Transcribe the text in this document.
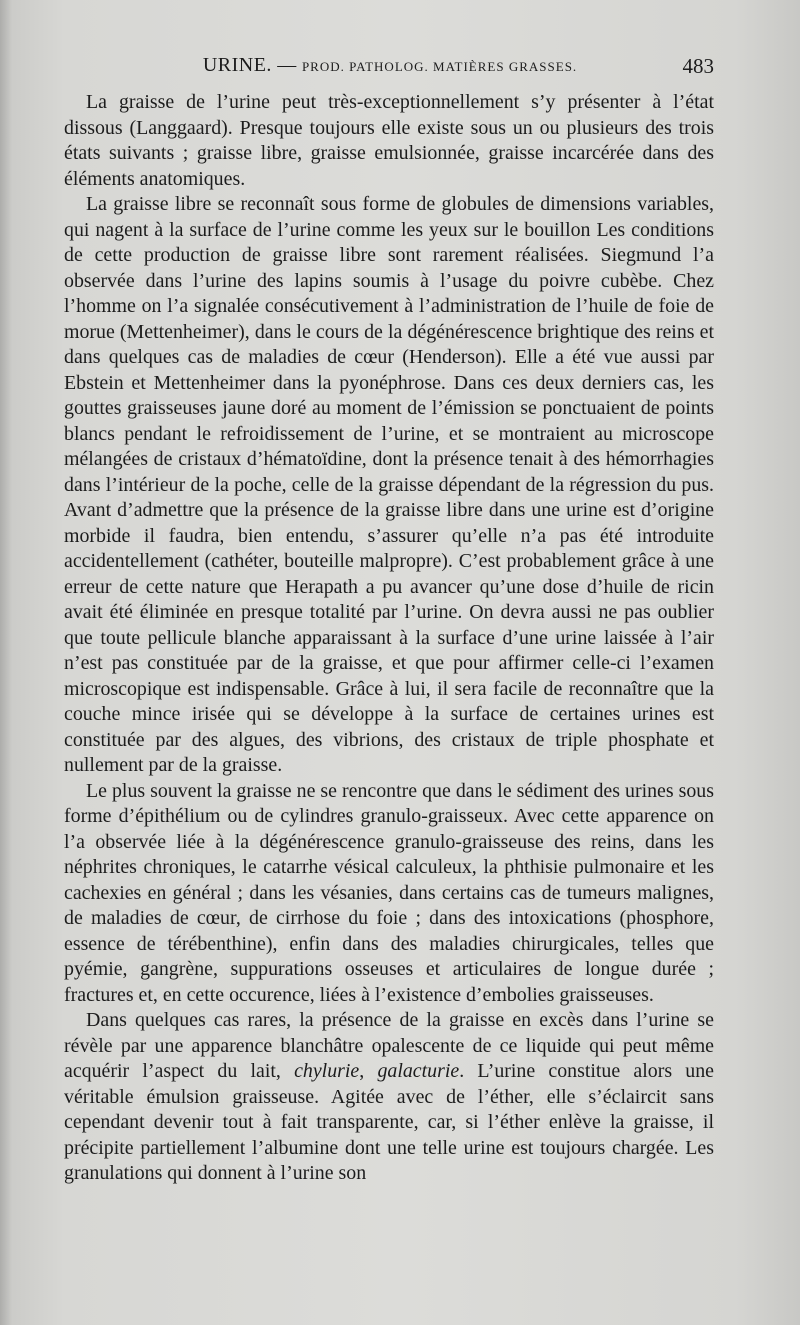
URINE. — PROD. PATHOLOG. MATIÈRES GRASSES.	483

La graisse de l’urine peut très-exceptionnellement s’y présenter à l’état dissous (Langgaard). Presque toujours elle existe sous un ou plusieurs des trois états suivants ; graisse libre, graisse emulsionnée, graisse incarcérée dans des éléments anatomiques.

La graisse libre se reconnaît sous forme de globules de dimensions variables, qui nagent à la surface de l’urine comme les yeux sur le bouillon Les conditions de cette production de graisse libre sont rarement réalisées. Siegmund l’a observée dans l’urine des lapins soumis à l’usage du poivre cubèbe. Chez l’homme on l’a signalée consécutivement à l’administration de l’huile de foie de morue (Mettenheimer), dans le cours de la dégénérescence brightique des reins et dans quelques cas de maladies de cœur (Henderson). Elle a été vue aussi par Ebstein et Mettenheimer dans la pyonéphrose. Dans ces deux derniers cas, les gouttes graisseuses jaune doré au moment de l’émission se ponctuaient de points blancs pendant le refroidissement de l’urine, et se montraient au microscope mélangées de cristaux d’hématoïdine, dont la présence tenait à des hémorrhagies dans l’intérieur de la poche, celle de la graisse dépendant de la régression du pus. Avant d’admettre que la présence de la graisse libre dans une urine est d’origine morbide il faudra, bien entendu, s’assurer qu’elle n’a pas été introduite accidentellement (cathéter, bouteille malpropre). C’est probablement grâce à une erreur de cette nature que Herapath a pu avancer qu’une dose d’huile de ricin avait été éliminée en presque totalité par l’urine. On devra aussi ne pas oublier que toute pellicule blanche apparaissant à la surface d’une urine laissée à l’air n’est pas constituée par de la graisse, et que pour affirmer celle-ci l’examen microscopique est indispensable. Grâce à lui, il sera facile de reconnaître que la couche mince irisée qui se développe à la surface de certaines urines est constituée par des algues, des vibrions, des cristaux de triple phosphate et nullement par de la graisse.

Le plus souvent la graisse ne se rencontre que dans le sédiment des urines sous forme d’épithélium ou de cylindres granulo-graisseux. Avec cette apparence on l’a observée liée à la dégénérescence granulo-graisseuse des reins, dans les néphrites chroniques, le catarrhe vésical calculeux, la phthisie pulmonaire et les cachexies en général ; dans les vésanies, dans certains cas de tumeurs malignes, de maladies de cœur, de cirrhose du foie ; dans des intoxications (phosphore, essence de térébenthine), enfin dans des maladies chirurgicales, telles que pyémie, gangrène, suppurations osseuses et articulaires de longue durée ; fractures et, en cette occurence, liées à l’existence d’embolies graisseuses.

Dans quelques cas rares, la présence de la graisse en excès dans l’urine se révèle par une apparence blanchâtre opalescente de ce liquide qui peut même acquérir l’aspect du lait, chylurie, galacturie. L’urine constitue alors une véritable émulsion graisseuse. Agitée avec de l’éther, elle s’éclaircit sans cependant devenir tout à fait transparente, car, si l’éther enlève la graisse, il précipite partiellement l’albumine dont une telle urine est toujours chargée. Les granulations qui donnent à l’urine son
